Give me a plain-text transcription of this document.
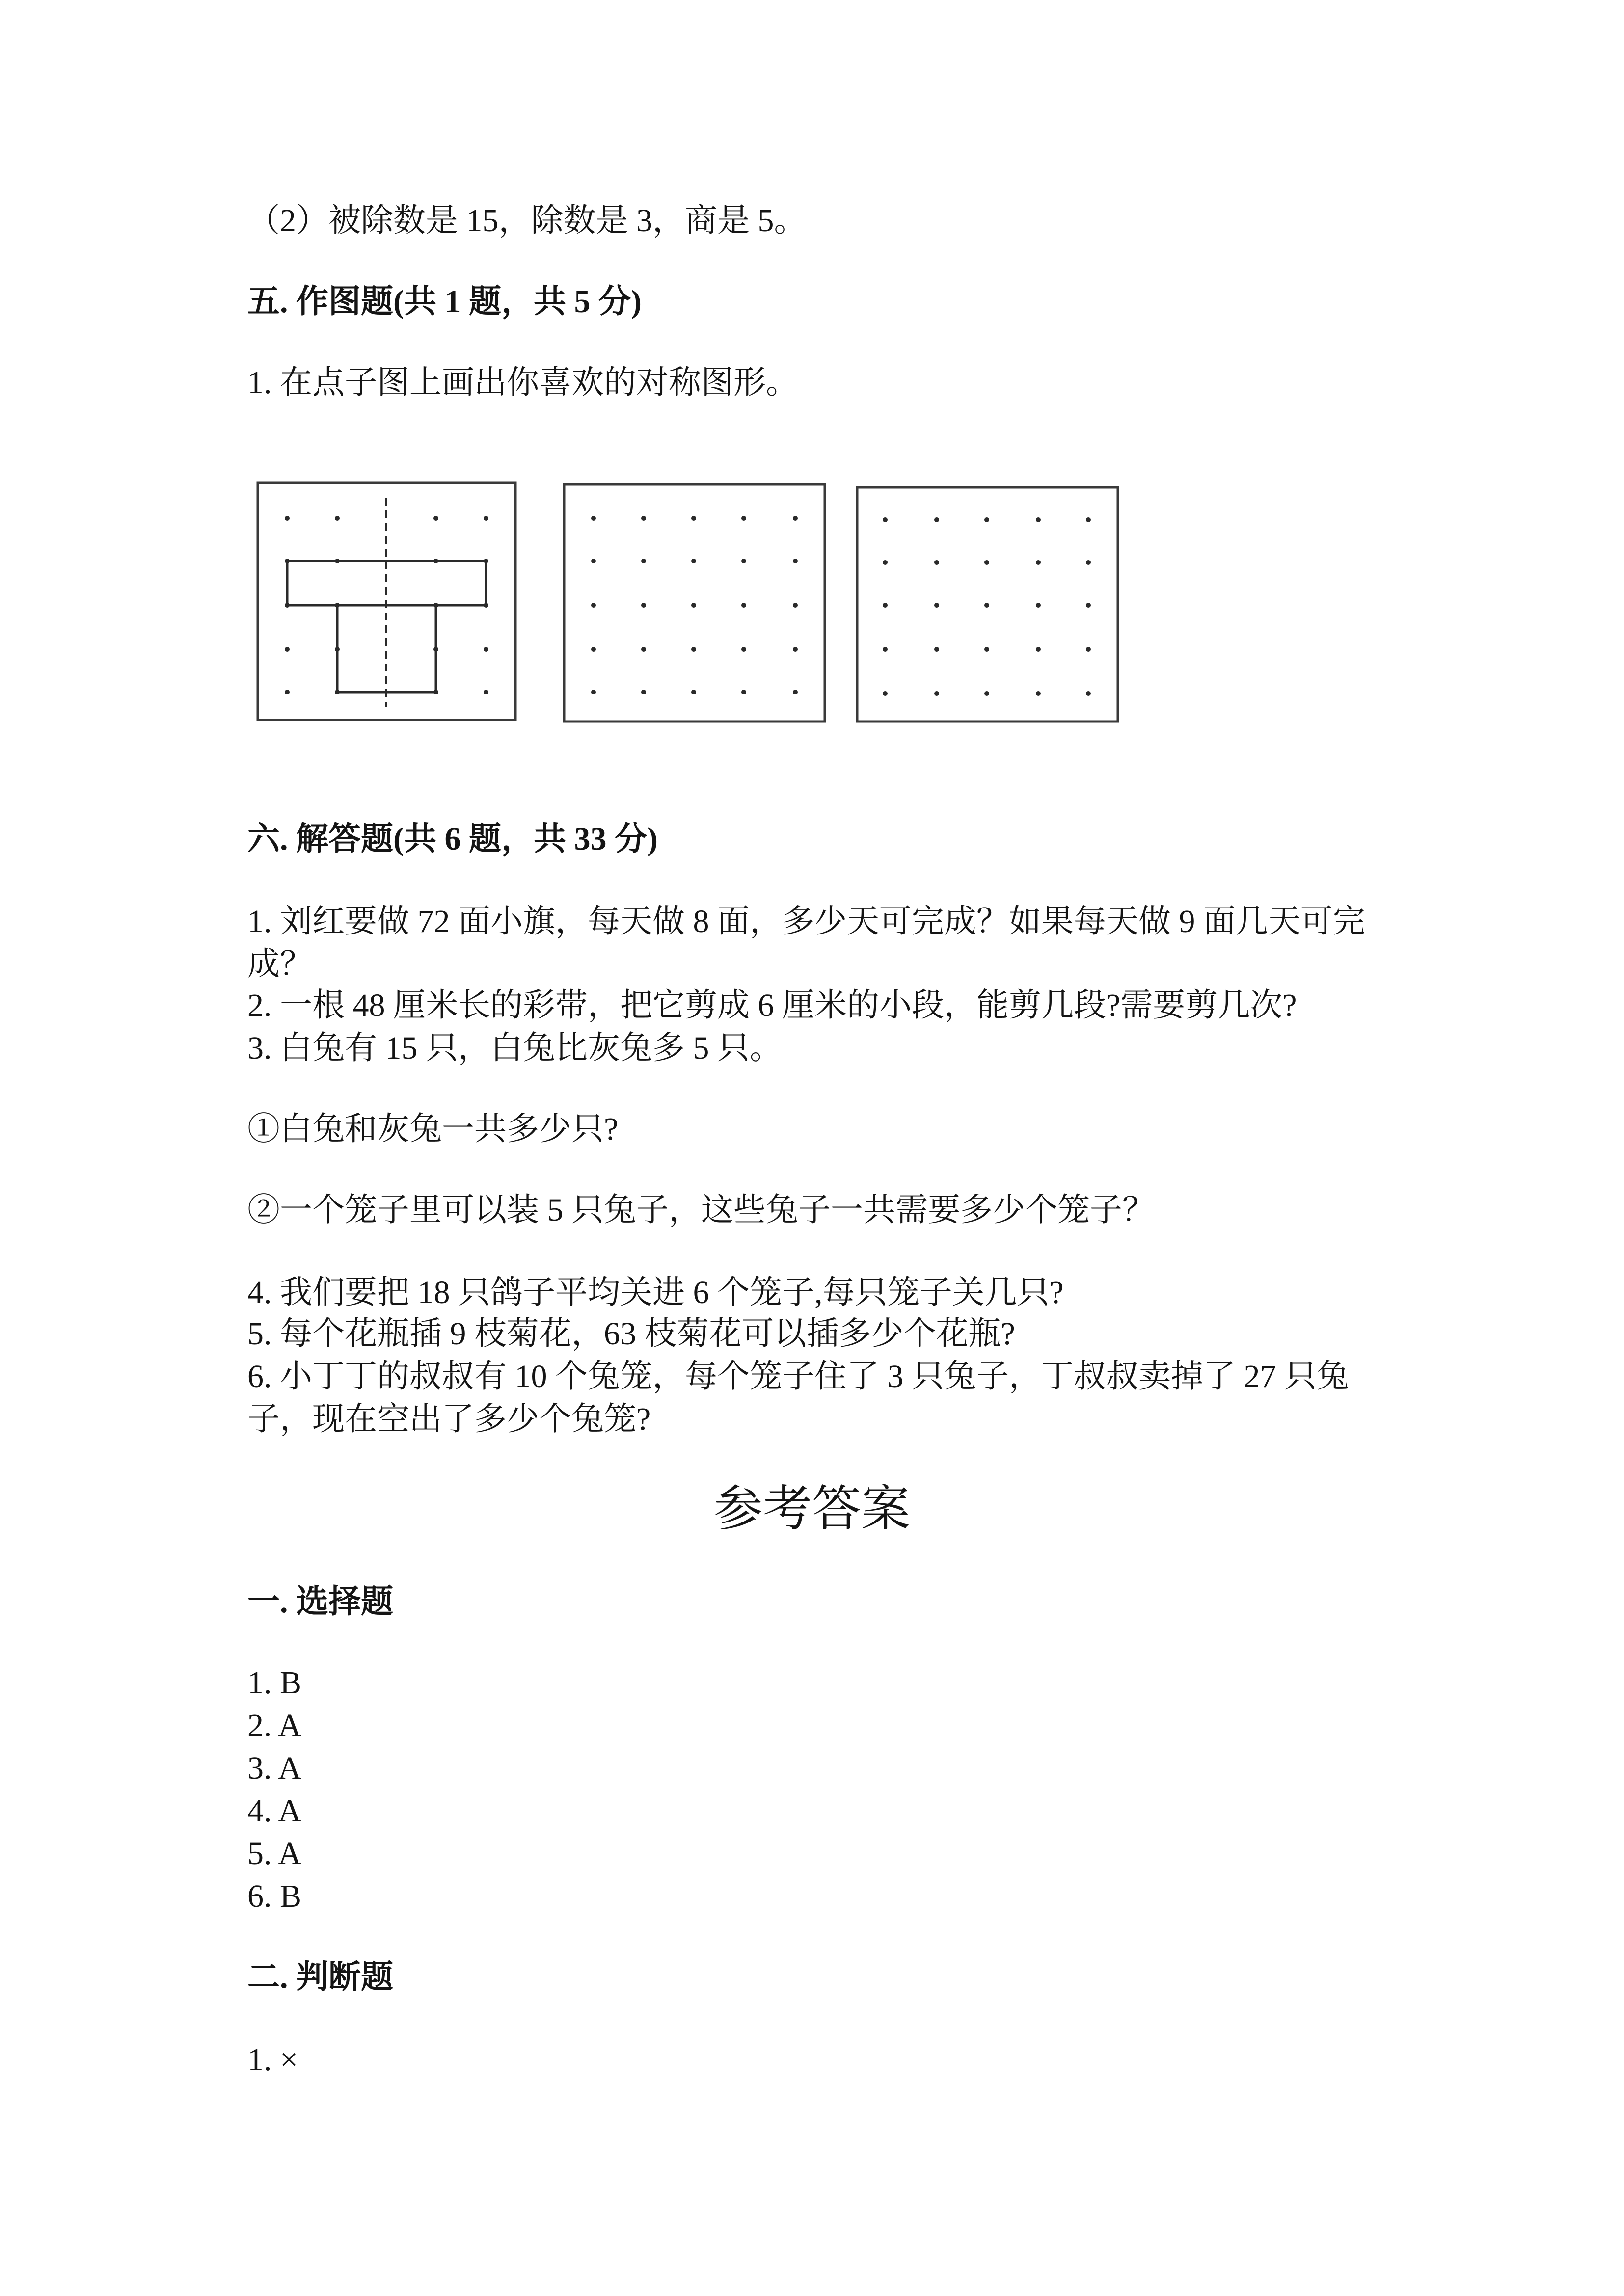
（2）被除数是 15，除数是 3，商是 5。
五. 作图题(共 1 题，共 5 分)
1. 在点子图上画出你喜欢的对称图形。
六. 解答题(共 6 题，共 33 分)
1. 刘红要做 72 面小旗，每天做 8 面，多少天可完成？如果每天做 9 面几天可完
成？
2. 一根 48 厘米长的彩带，把它剪成 6 厘米的小段，能剪几段?需要剪几次?
3. 白兔有 15 只，白兔比灰兔多 5 只。
①白兔和灰兔一共多少只?
②一个笼子里可以装 5 只兔子，这些兔子一共需要多少个笼子？
4. 我们要把 18 只鸽子平均关进 6 个笼子,每只笼子关几只?
5. 每个花瓶插 9 枝菊花，63 枝菊花可以插多少个花瓶?
6. 小丁丁的叔叔有 10 个兔笼，每个笼子住了 3 只兔子，丁叔叔卖掉了 27 只兔
子，现在空出了多少个兔笼?
参考答案
一. 选择题
1. B
2. A
3. A
4. A
5. A
6. B
二. 判断题
1. ×
